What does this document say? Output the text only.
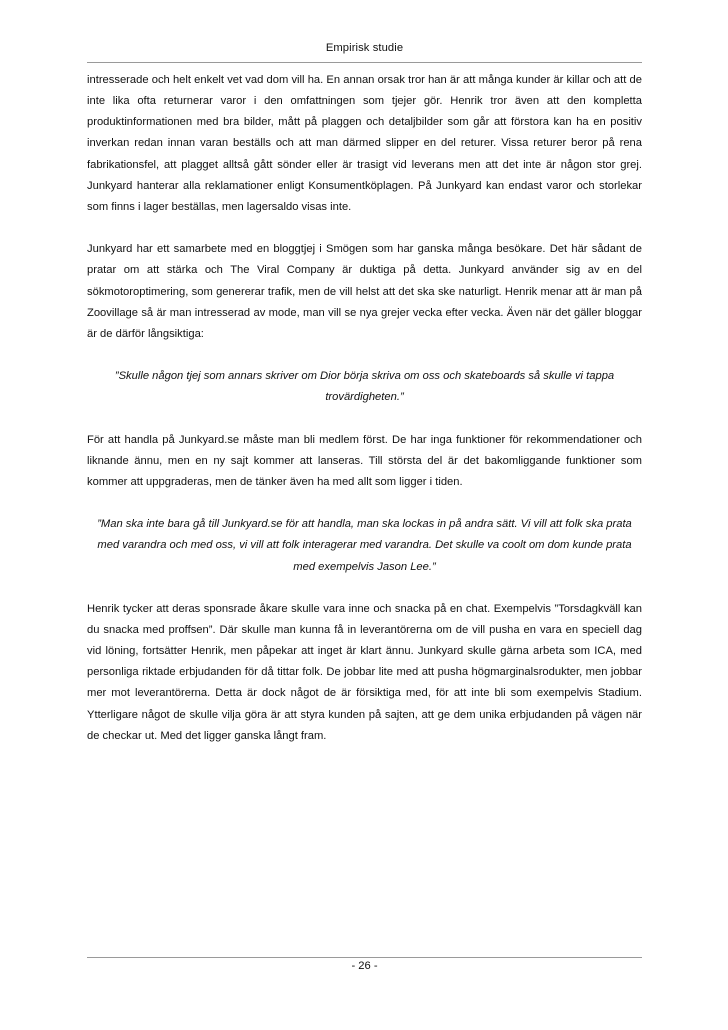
Empirisk studie

intresserade och helt enkelt vet vad dom vill ha. En annan orsak tror han är att många kunder är killar och att de inte lika ofta returnerar varor i den omfattningen som tjejer gör. Henrik tror även att den kompletta produktinformationen med bra bilder, mått på plaggen och detaljbilder som går att förstora kan ha en positiv inverkan redan innan varan beställs och att man därmed slipper en del returer. Vissa returer beror på rena fabrikationsfel, att plagget alltså gått sönder eller är trasigt vid leverans men att det inte är någon stor grej. Junkyard hanterar alla reklamationer enligt Konsumentköplagen. På Junkyard kan endast varor och storlekar som finns i lager beställas, men lagersaldo visas inte.

Junkyard har ett samarbete med en bloggtjej i Smögen som har ganska många besökare. Det här sådant de pratar om att stärka och The Viral Company är duktiga på detta. Junkyard använder sig av en del sökmotoroptimering, som genererar trafik, men de vill helst att det ska ske naturligt. Henrik menar att är man på Zoovillage så är man intresserad av mode, man vill se nya grejer vecka efter vecka. Även när det gäller bloggar är de därför långsiktiga:

”Skulle någon tjej som annars skriver om Dior börja skriva om oss och skateboards så skulle vi tappa trovärdigheten.”

För att handla på Junkyard.se måste man bli medlem först. De har inga funktioner för rekommendationer och liknande ännu, men en ny sajt kommer att lanseras. Till största del är det bakomliggande funktioner som kommer att uppgraderas, men de tänker även ha med allt som ligger i tiden.

”Man ska inte bara gå till Junkyard.se för att handla, man ska lockas in på andra sätt. Vi vill att folk ska prata med varandra och med oss, vi vill att folk interagerar med varandra. Det skulle va coolt om dom kunde prata med exempelvis Jason Lee.”

Henrik tycker att deras sponsrade åkare skulle vara inne och snacka på en chat. Exempelvis ”Torsdagkväll kan du snacka med proffsen”. Där skulle man kunna få in leverantörerna om de vill pusha en vara en speciell dag vid löning, fortsätter Henrik, men påpekar att inget är klart ännu. Junkyard skulle gärna arbeta som ICA, med personliga riktade erbjudanden för då tittar folk. De jobbar lite med att pusha högmarginalsrodukter, men jobbar mer mot leverantörerna. Detta är dock något de är försiktiga med, för att inte bli som exempelvis Stadium. Ytterligare något de skulle vilja göra är att styra kunden på sajten, att ge dem unika erbjudanden på vägen när de checkar ut. Med det ligger ganska långt fram.

- 26 -
